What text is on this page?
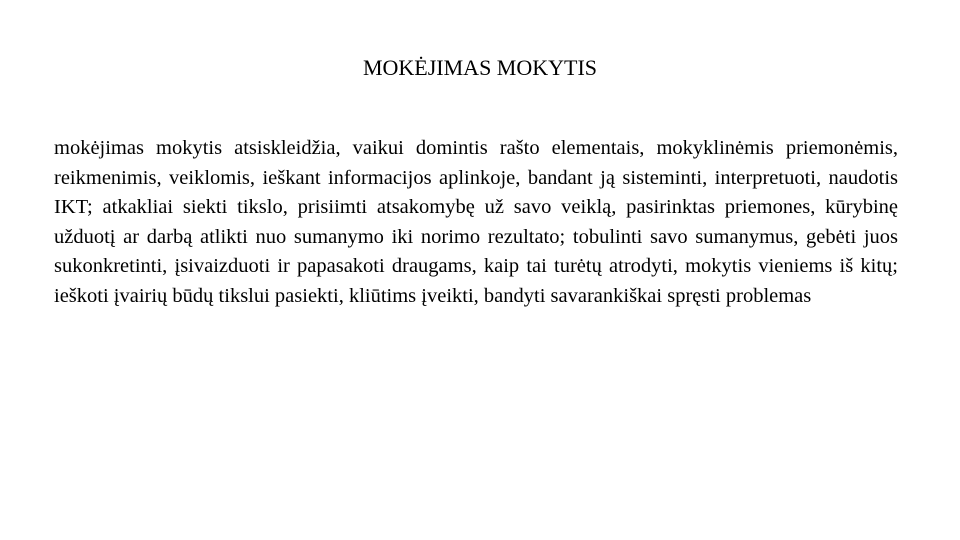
MOKĖJIMAS MOKYTIS

mokėjimas mokytis atsiskleidžia, vaikui domintis rašto elementais, mokyklinėmis priemonėmis, reikmenimis, veiklomis, ieškant informacijos aplinkoje, bandant ją sisteminti, interpretuoti, naudotis IKT; atkakliai siekti tikslo, prisiimti atsakomybę už savo veiklą, pasirinktas priemones, kūrybinę užduotį ar darbą atlikti nuo sumanymo iki norimo rezultato; tobulinti savo sumanymus, gebėti juos sukonkretinti, įsivaizduoti ir papasakoti draugams, kaip tai turėtų atrodyti, mokytis vieniems iš kitų; ieškoti įvairių būdų tikslui pasiekti, kliūtims įveikti, bandyti savarankiškai spręsti problemas
